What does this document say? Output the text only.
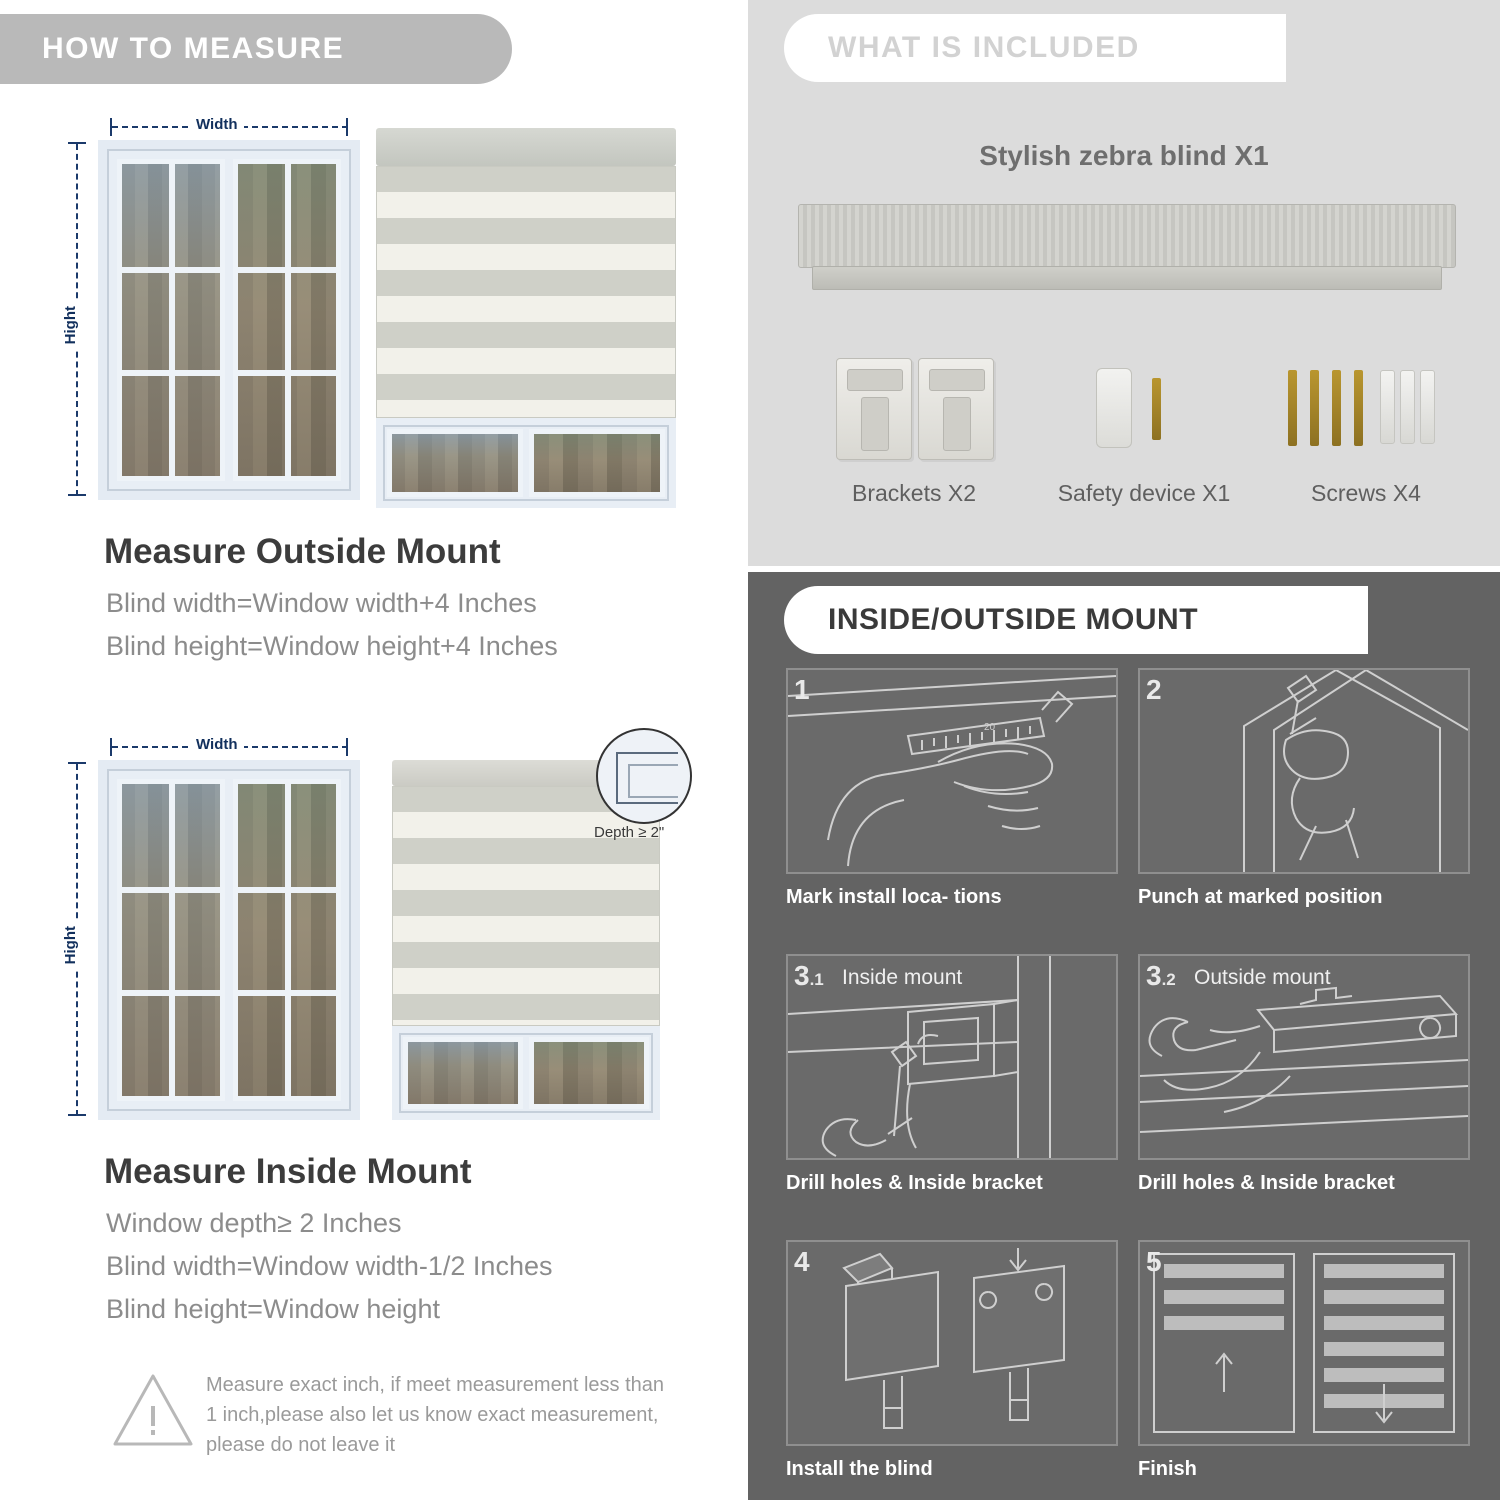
HOW TO MEASURE
Width
Hight
Measure Outside Mount
Blind width=Window width+4 Inches
Blind height=Window height+4 Inches
Width
Hight
Depth ≥ 2"
Measure Inside Mount
Window depth≥ 2 Inches
Blind width=Window width-1/2 Inches
Blind height=Window height

Measure exact inch, if meet measurement less than 1 inch,please also let us know exact measurement, please do not leave it

WHAT IS INCLUDED
Stylish zebra blind X1
Brackets X2	Safety device X1	Screws X4
INSIDE/OUTSIDE MOUNT
20
1
Mark install loca- tions
2
Punch at marked position
3.1 Inside mount
Drill holes & Inside bracket
3.2 Outside mount
Drill holes & Inside bracket
4
Install the blind
5
Finish
